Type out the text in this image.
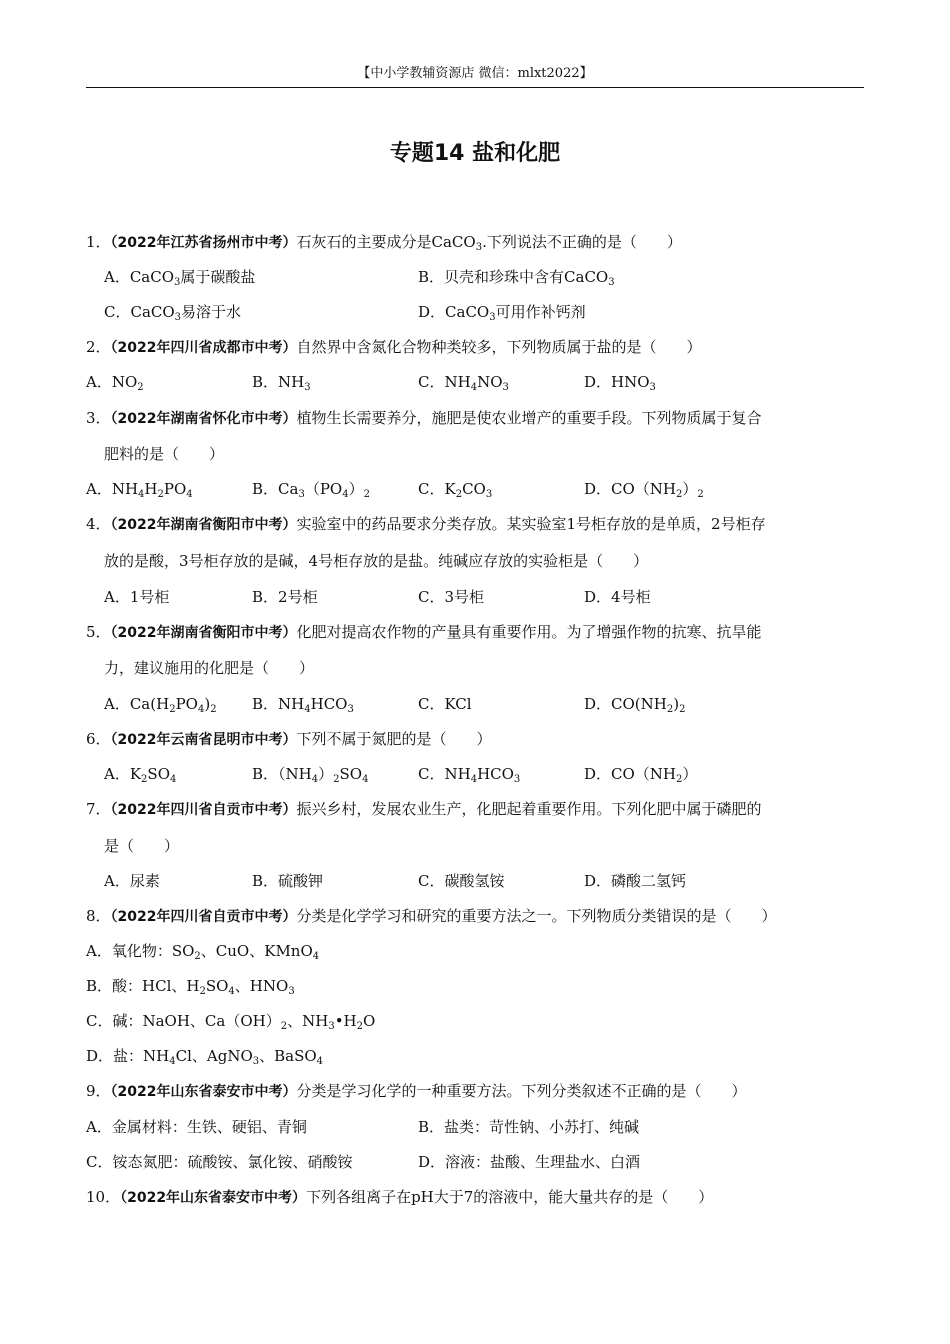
【中小学教辅资源店 微信：mlxt2022】
专题14 盐和化肥
1．（2022年江苏省扬州市中考）石灰石的主要成分是CaCO$_3$.下列说法不正确的是（　　）
A．CaCO$_3$属于碳酸盐	B．贝壳和珍珠中含有CaCO$_3$
C．CaCO$_3$易溶于水	D．CaCO$_3$可用作补钙剂
2．（2022年四川省成都市中考）自然界中含氮化合物种类较多，下列物质属于盐的是（　　）
A．$NO_2$	B．$NH_3$	C．$NH_4NO_3$	D．$HNO_3$
3．（2022年湖南省怀化市中考）植物生长需要养分，施肥是使农业增产的重要手段。下列物质属于复合
肥料的是（　　）
A．$NH_4H_2PO_4$	B．$Ca_3(PO_4)_2$	C．$K_2CO_3$	D．$CO(NH_2)_2$
4．（2022年湖南省衡阳市中考）实验室中的药品要求分类存放。某实验室1号柜存放的是单质，2号柜存
放的是酸，3号柜存放的是碱，4号柜存放的是盐。纯碱应存放的实验柜是（　　）
A．1号柜	B．2号柜	C．3号柜	D．4号柜
5．（2022年湖南省衡阳市中考）化肥对提高农作物的产量具有重要作用。为了增强作物的抗寒、抗旱能
力，建议施用的化肥是（　　）
A．$Ca(H_2PO_4)_2$ B．$NH_4HCO_3$	C．KCl	D．$CO(NH_2)_2$
6．（2022年云南省昆明市中考）下列不属于氮肥的是（　　）
A．$K_2SO_4$	B．$(NH_4)_2SO_4$	C．$NH_4HCO_3$	D．$CO(NH_2)$
7．（2022年四川省自贡市中考）振兴乡村，发展农业生产，化肥起着重要作用。下列化肥中属于磷肥的
是（　　）
A．尿素	B．硫酸钾	C．碳酸氢铵	D．磷酸二氢钙
8．（2022年四川省自贡市中考）分类是化学学习和研究的重要方法之一。下列物质分类错误的是（　　）
A．氧化物：$SO_2$、CuO、KMnO$_4$
B．酸：HCl、$H_2SO_4$、$HNO_3$
C．碱：NaOH、$Ca(OH)_2$、$NH_3•H_2O$
D．盐：$NH_4Cl$、AgNO$_3$、BaSO$_4$
9．（2022年山东省泰安市中考）分类是学习化学的一种重要方法。下列分类叙述不正确的是（　　）
A．金属材料：生铁、硬铝、青铜	B．盐类：苛性钠、小苏打、纯碱
C．铵态氮肥：硫酸铵、氯化铵、硝酸铵	D．溶液：盐酸、生理盐水、白酒
10．（2022年山东省泰安市中考）下列各组离子在pH大于7的溶液中，能大量共存的是（　　）
